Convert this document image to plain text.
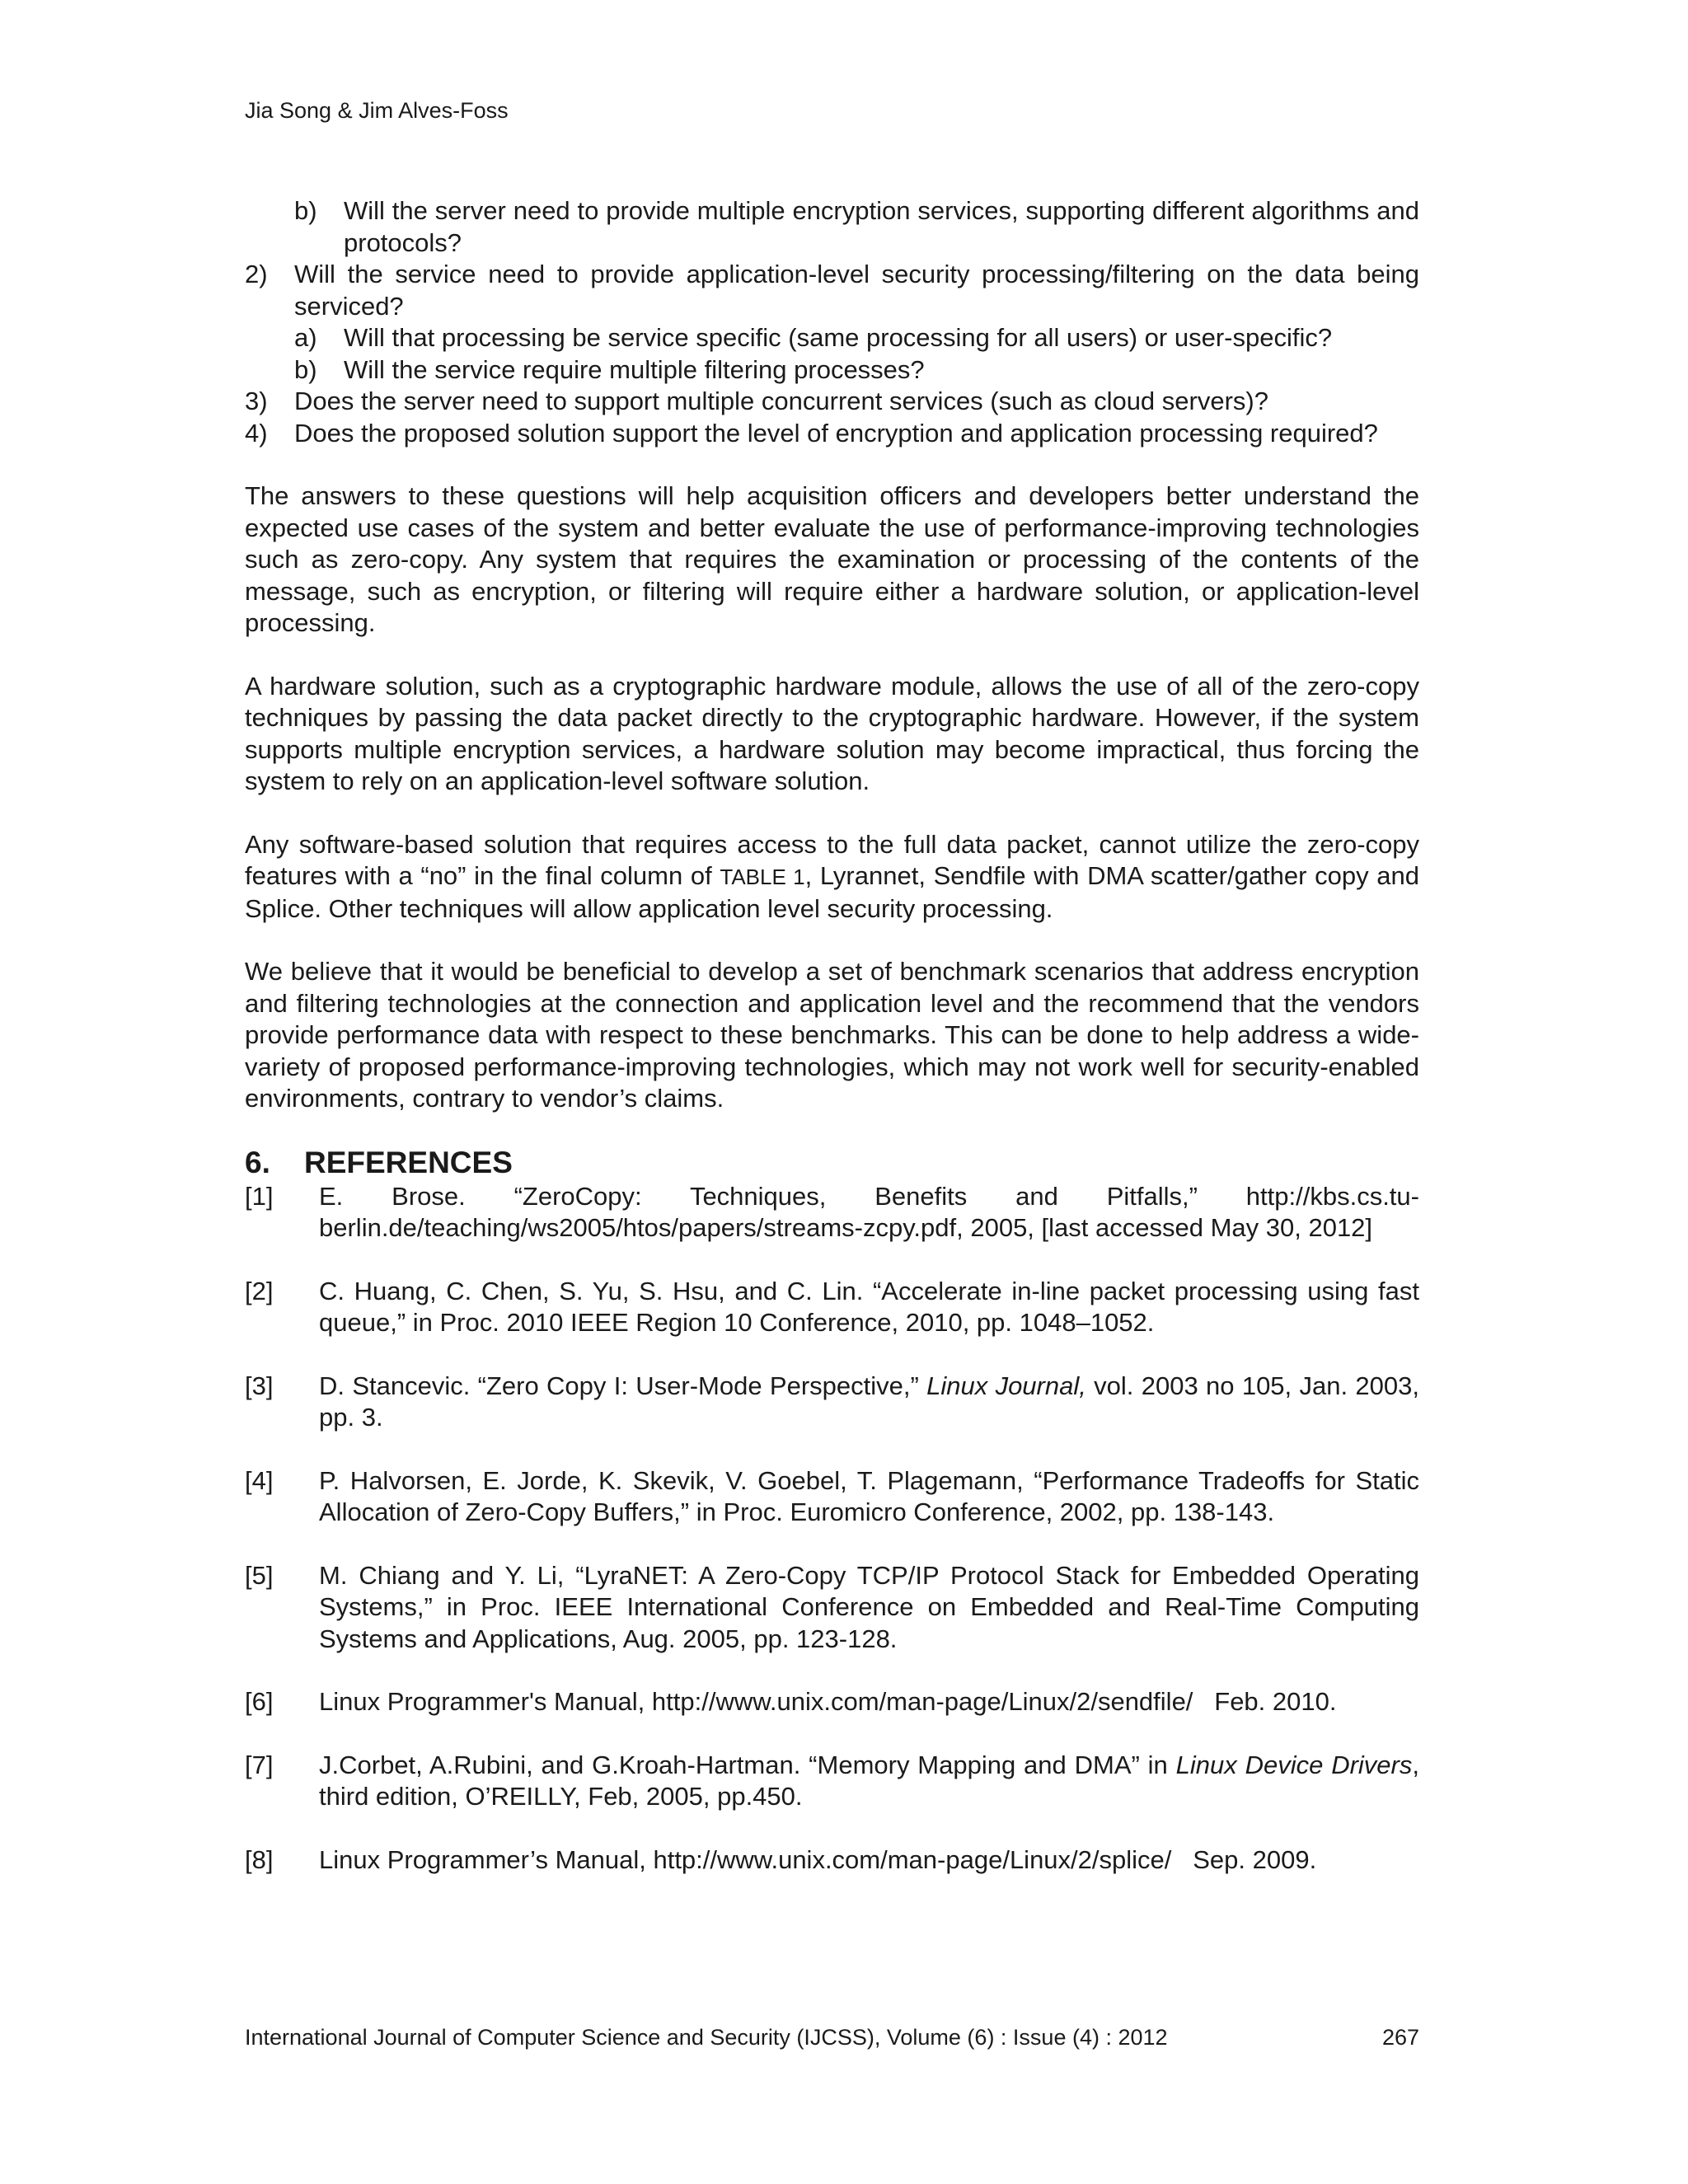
Jia Song & Jim Alves-Foss
b) Will the server need to provide multiple encryption services, supporting different algorithms and protocols?
2) Will the service need to provide application-level security processing/filtering on the data being serviced?
a) Will that processing be service specific (same processing for all users) or user-specific?
b) Will the service require multiple filtering processes?
3) Does the server need to support multiple concurrent services (such as cloud servers)?
4) Does the proposed solution support the level of encryption and application processing required?

The answers to these questions will help acquisition officers and developers better understand the expected use cases of the system and better evaluate the use of performance-improving technologies such as zero-copy. Any system that requires the examination or processing of the contents of the message, such as encryption, or filtering will require either a hardware solution, or application-level processing.

A hardware solution, such as a cryptographic hardware module, allows the use of all of the zero-copy techniques by passing the data packet directly to the cryptographic hardware. However, if the system supports multiple encryption services, a hardware solution may become impractical, thus forcing the system to rely on an application-level software solution.

Any software-based solution that requires access to the full data packet, cannot utilize the zero-copy features with a “no” in the final column of TABLE 1, Lyrannet, Sendfile with DMA scatter/gather copy and Splice. Other techniques will allow application level security processing.

We believe that it would be beneficial to develop a set of benchmark scenarios that address encryption and filtering technologies at the connection and application level and the recommend that the vendors provide performance data with respect to these benchmarks. This can be done to help address a wide-variety of proposed performance-improving technologies, which may not work well for security-enabled environments, contrary to vendor’s claims.

6. REFERENCES
[1] E. Brose. “ZeroCopy: Techniques, Benefits and Pitfalls,” http://kbs.cs.tu-berlin.de/teaching/ws2005/htos/papers/streams-zcpy.pdf, 2005, [last accessed May 30, 2012]
[2] C. Huang, C. Chen, S. Yu, S. Hsu, and C. Lin. “Accelerate in-line packet processing using fast queue,” in Proc. 2010 IEEE Region 10 Conference, 2010, pp. 1048–1052.
[3] D. Stancevic. “Zero Copy I: User-Mode Perspective,” Linux Journal, vol. 2003 no 105, Jan. 2003, pp. 3.
[4] P. Halvorsen, E. Jorde, K. Skevik, V. Goebel, T. Plagemann, “Performance Tradeoffs for Static Allocation of Zero-Copy Buffers,” in Proc. Euromicro Conference, 2002, pp. 138-143.
[5] M. Chiang and Y. Li, “LyraNET: A Zero-Copy TCP/IP Protocol Stack for Embedded Operating Systems,” in Proc. IEEE International Conference on Embedded and Real-Time Computing Systems and Applications, Aug. 2005, pp. 123-128.
[6] Linux Programmer's Manual, http://www.unix.com/man-page/Linux/2/sendfile/   Feb. 2010.
[7] J.Corbet, A.Rubini, and G.Kroah-Hartman. “Memory Mapping and DMA” in Linux Device Drivers, third edition, O’REILLY, Feb, 2005, pp.450.
[8] Linux Programmer’s Manual, http://www.unix.com/man-page/Linux/2/splice/   Sep. 2009.
International Journal of Computer Science and Security (IJCSS), Volume (6) : Issue (4) : 2012	267
